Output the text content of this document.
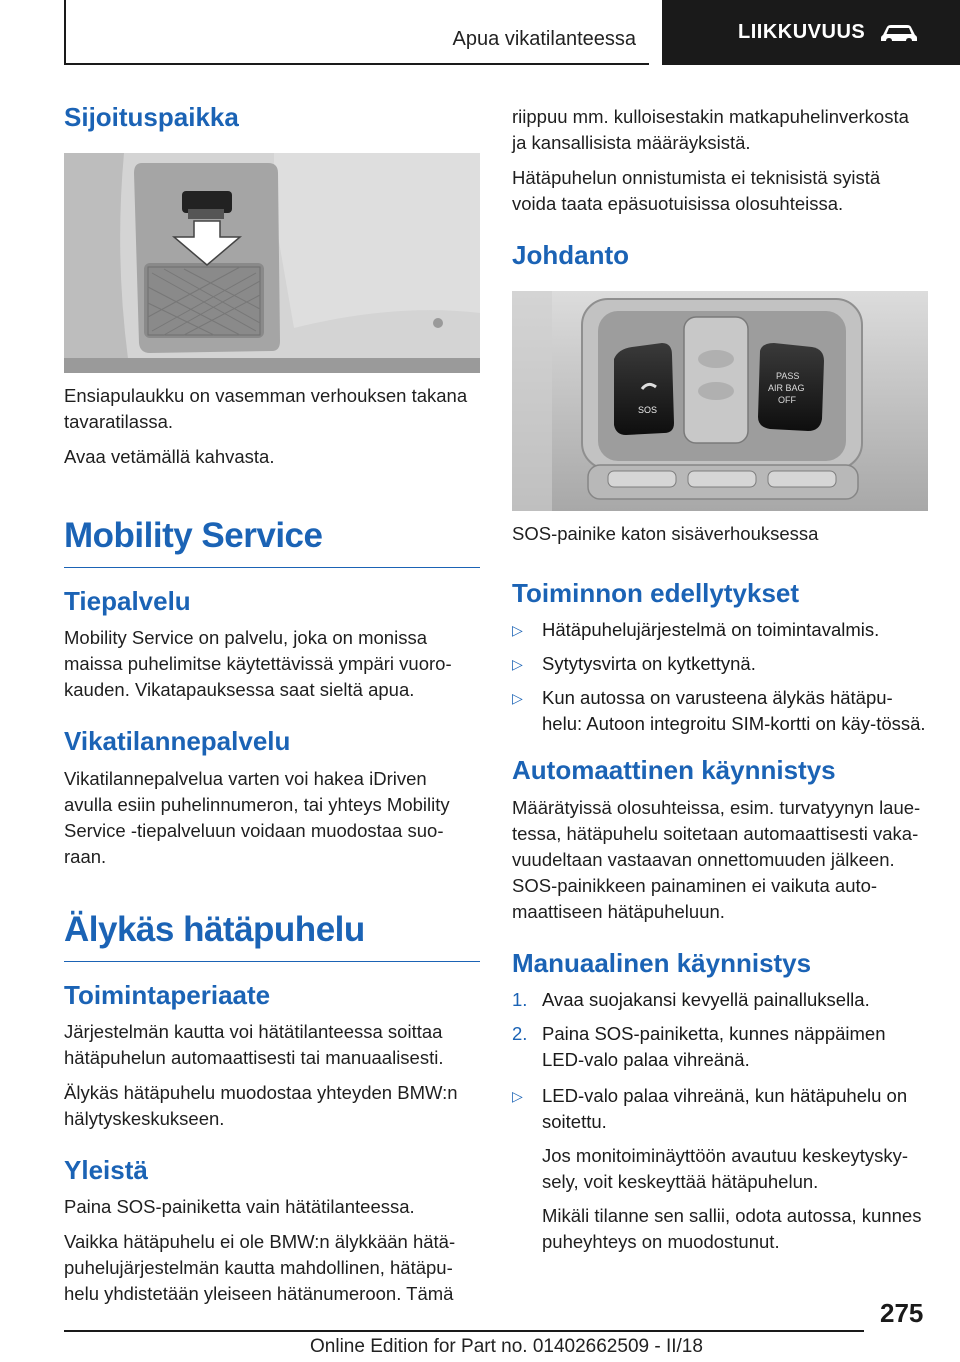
Apua vikatilanteessa	LIIKKUVUUS
Sijoituspaikka

Ensiapulaukku on vasemman verhouksen takana tavaratilassa.

Avaa vetämällä kahvasta.

Mobility Service
Tiepalvelu

Mobility Service on palvelu, joka on monissa maissa puhelimitse käytettävissä ympäri vuoro-kauden. Vikatapauksessa saat sieltä apua.

Vikatilannepalvelu

Vikatilannepalvelua varten voi hakea iDriven avulla esiin puhelinnumeron, tai yhteys Mobility Service -tiepalveluun voidaan muodostaa suo-raan.

Älykäs hätäpuhelu
Toimintaperiaate

Järjestelmän kautta voi hätätilanteessa soittaa hätäpuhelun automaattisesti tai manuaalisesti.

Älykäs hätäpuhelu muodostaa yhteyden BMW:n hälytyskeskukseen.

Yleistä

Paina SOS-painiketta vain hätätilanteessa.

Vaikka hätäpuhelu ei ole BMW:n älykkään hätä-puhelujärjestelmän kautta mahdollinen, hätäpu-helu yhdistetään yleiseen hätänumeroon. Tämä

riippuu mm. kulloisestakin matkapuhelinverkosta ja kansallisista määräyksistä.

Hätäpuhelun onnistumista ei teknisistä syistä voida taata epäsuotuisissa olosuhteissa.

Johdanto
SOS
PASS
AIR BAG
OFF

SOS-painike katon sisäverhouksessa

Toiminnon edellytykset
▷ Hätäpuhelujärjestelmä on toimintavalmis.
▷ Sytytysvirta on kytkettynä.
▷ Kun autossa on varusteena älykäs hätäpu-helu: Autoon integroitu SIM-kortti on käy-tössä.
Automaattinen käynnistys

Määrätyissä olosuhteissa, esim. turvatyynyn laue-tessa, hätäpuhelu soitetaan automaattisesti vaka-vuudeltaan vastaavan onnettomuuden jälkeen. SOS-painikkeen painaminen ei vaikuta auto-maattiseen hätäpuheluun.

Manuaalinen käynnistys
1. Avaa suojakansi kevyellä painalluksella.
2. Paina SOS-painiketta, kunnes näppäimen LED-valo palaa vihreänä.
▷ LED-valo palaa vihreänä, kun hätäpuhelu on soitettu.

Jos monitoiminäyttöön avautuu keskeytysky-sely, voit keskeyttää hätäpuhelun.

Mikäli tilanne sen sallii, odota autossa, kunnes puheyhteys on muodostunut.

275
Online Edition for Part no. 01402662509 - II/18
